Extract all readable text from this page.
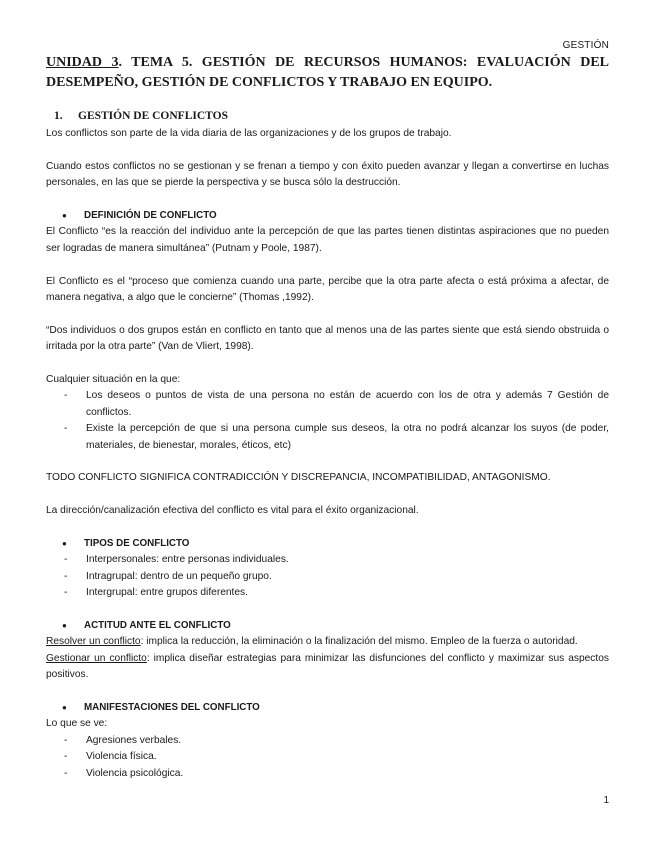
GESTIÓN
UNIDAD 3. TEMA 5. GESTIÓN DE RECURSOS HUMANOS: EVALUACIÓN DEL DESEMPEÑO, GESTIÓN DE CONFLICTOS Y TRABAJO EN EQUIPO.
1. GESTIÓN DE CONFLICTOS

Los conflictos son parte de la vida diaria de las organizaciones y de los grupos de trabajo.

Cuando estos conflictos no se gestionan y se frenan a tiempo y con éxito pueden avanzar y llegan a convertirse en luchas personales, en las que se pierde la perspectiva y se busca sólo la destrucción.

● DEFINICIÓN DE CONFLICTO

El Conflicto “es la reacción del individuo ante la percepción de que las partes tienen distintas aspiraciones que no pueden ser logradas de manera simultánea” (Putnam y Poole, 1987).

El Conflicto es el “proceso que comienza cuando una parte, percibe que la otra parte afecta o está próxima a afectar, de manera negativa, a algo que le concierne” (Thomas ,1992).

“Dos individuos o dos grupos están en conflicto en tanto que al menos una de las partes siente que está siendo obstruida o irritada por la otra parte” (Van de Vliert, 1998).

Cualquier situación en la que:

- Los deseos o puntos de vista de una persona no están de acuerdo con los de otra y además 7 Gestión de conflictos.
- Existe la percepción de que si una persona cumple sus deseos, la otra no podrá alcanzar los suyos (de poder, materiales, de bienestar, morales, éticos, etc)

TODO CONFLICTO SIGNIFICA CONTRADICCIÓN Y DISCREPANCIA, INCOMPATIBILIDAD, ANTAGONISMO.

La dirección/canalización efectiva del conflicto es vital para el éxito organizacional.

● TIPOS DE CONFLICTO
- Interpersonales: entre personas individuales.
- Intragrupal: dentro de un pequeño grupo.
- Intergrupal: entre grupos diferentes.
● ACTITUD ANTE EL CONFLICTO

Resolver un conflicto: implica la reducción, la eliminación o la finalización del mismo. Empleo de la fuerza o autoridad.

Gestionar un conflicto: implica diseñar estrategias para minimizar las disfunciones del conflicto y maximizar sus aspectos positivos.

● MANIFESTACIONES DEL CONFLICTO

Lo que se ve:

- Agresiones verbales.
- Violencia física.
- Violencia psicológica.
1
